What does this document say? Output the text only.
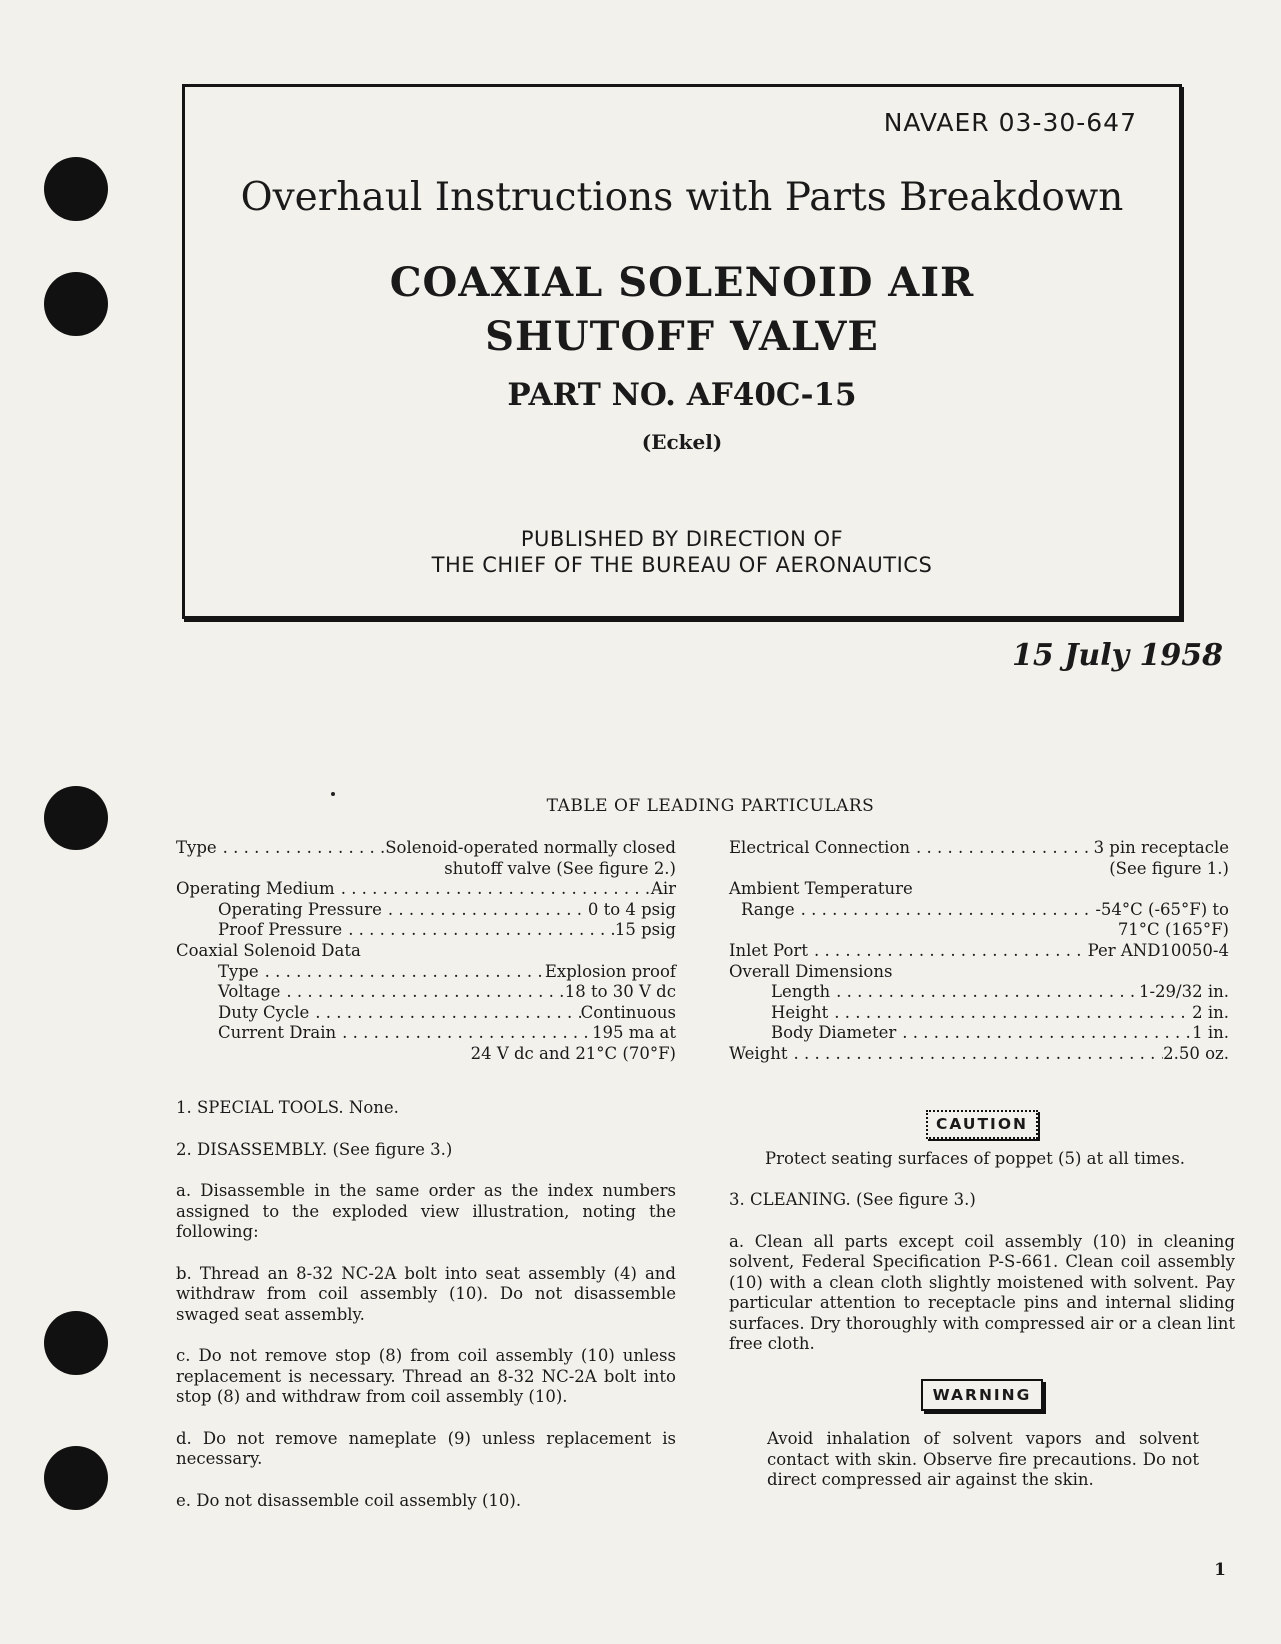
NAVAER 03-30-647
Overhaul Instructions with Parts Breakdown
COAXIAL SOLENOID AIR
SHUTOFF VALVE
PART NO. AF40C-15
(Eckel)
PUBLISHED BY DIRECTION OF
THE CHIEF OF THE BUREAU OF AERONAUTICS
15 July 1958
TABLE OF LEADING PARTICULARS
Type . . .	Solenoid-operated normally closed
shutoff valve (See figure 2.)
Operating Medium . . .	Air
Operating Pressure . . .	0 to 4 psig
Proof Pressure . . .	15 psig
Coaxial Solenoid Data
Type . . .	Explosion proof
Voltage . . .	18 to 30 V dc
Duty Cycle . . .	Continuous
Current Drain . . .	195 ma at
24 V dc and 21°C (70°F)
Electrical Connection . . .	3 pin receptacle
(See figure 1.)
Ambient Temperature
Range . . .	-54°C (-65°F) to
71°C (165°F)
Inlet Port . . .	Per AND10050-4
Overall Dimensions
Length . . .	1-29/32 in.
Height . . .	2 in.
Body Diameter . . .	1 in.
Weight . . .	2.50 oz.

1. SPECIAL TOOLS. None.

2. DISASSEMBLY. (See figure 3.)

a. Disassemble in the same order as the index numbers assigned to the exploded view illustration, noting the following:

b. Thread an 8-32 NC-2A bolt into seat assembly (4) and withdraw from coil assembly (10). Do not disassemble swaged seat assembly.

c. Do not remove stop (8) from coil assembly (10) unless replacement is necessary. Thread an 8-32 NC-2A bolt into stop (8) and withdraw from coil assembly (10).

d. Do not remove nameplate (9) unless replacement is necessary.

e. Do not disassemble coil assembly (10).

CAUTION

Protect seating surfaces of poppet (5) at all times.

3. CLEANING. (See figure 3.)

a. Clean all parts except coil assembly (10) in cleaning solvent, Federal Specification P-S-661. Clean coil assembly (10) with a clean cloth slightly moistened with solvent. Pay particular attention to receptacle pins and internal sliding surfaces. Dry thoroughly with compressed air or a clean lint free cloth.

WARNING

Avoid inhalation of solvent vapors and solvent contact with skin. Observe fire precautions. Do not direct compressed air against the skin.

1
